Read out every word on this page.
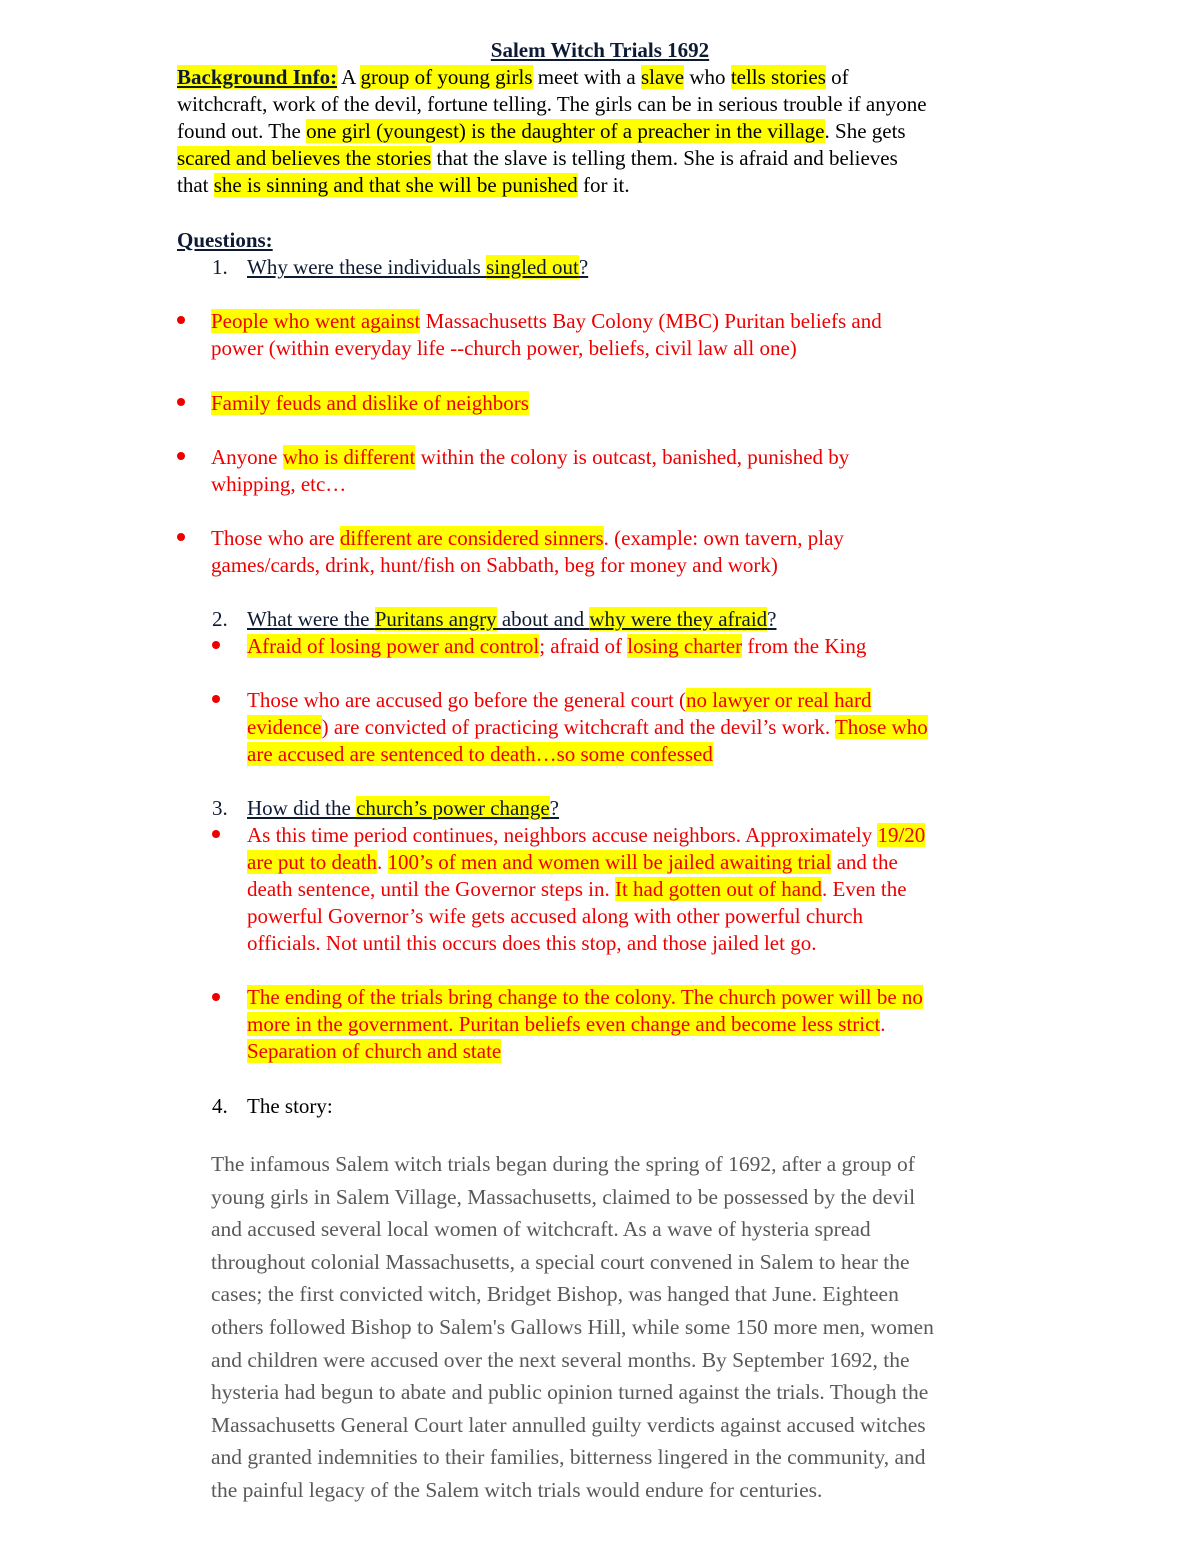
Salem Witch Trials 1692
Background Info: A group of young girls meet with a slave who tells stories of
witchcraft, work of the devil, fortune telling. The girls can be in serious trouble if anyone
found out. The one girl (youngest) is the daughter of a preacher in the village. She gets
scared and believes the stories that the slave is telling them. She is afraid and believes
that she is sinning and that she will be punished for it.
Questions:
1. Why were these individuals singled out?
People who went against Massachusetts Bay Colony (MBC) Puritan beliefs and
power (within everyday life --church power, beliefs, civil law all one)
Family feuds and dislike of neighbors
Anyone who is different within the colony is outcast, banished, punished by
whipping, etc…
Those who are different are considered sinners. (example: own tavern, play
games/cards, drink, hunt/fish on Sabbath, beg for money and work)
2. What were the Puritans angry about and why were they afraid?
Afraid of losing power and control; afraid of losing charter from the King
Those who are accused go before the general court (no lawyer or real hard
evidence) are convicted of practicing witchcraft and the devil’s work. Those who
are accused are sentenced to death…so some confessed
3. How did the church’s power change?
As this time period continues, neighbors accuse neighbors. Approximately 19/20
are put to death. 100’s of men and women will be jailed awaiting trial and the
death sentence, until the Governor steps in. It had gotten out of hand. Even the
powerful Governor’s wife gets accused along with other powerful church
officials. Not until this occurs does this stop, and those jailed let go.
The ending of the trials bring change to the colony. The church power will be no
more in the government. Puritan beliefs even change and become less strict.
Separation of church and state
4. The story:
The infamous Salem witch trials began during the spring of 1692, after a group of
young girls in Salem Village, Massachusetts, claimed to be possessed by the devil
and accused several local women of witchcraft. As a wave of hysteria spread
throughout colonial Massachusetts, a special court convened in Salem to hear the
cases; the first convicted witch, Bridget Bishop, was hanged that June. Eighteen
others followed Bishop to Salem's Gallows Hill, while some 150 more men, women
and children were accused over the next several months. By September 1692, the
hysteria had begun to abate and public opinion turned against the trials. Though the
Massachusetts General Court later annulled guilty verdicts against accused witches
and granted indemnities to their families, bitterness lingered in the community, and
the painful legacy of the Salem witch trials would endure for centuries.
